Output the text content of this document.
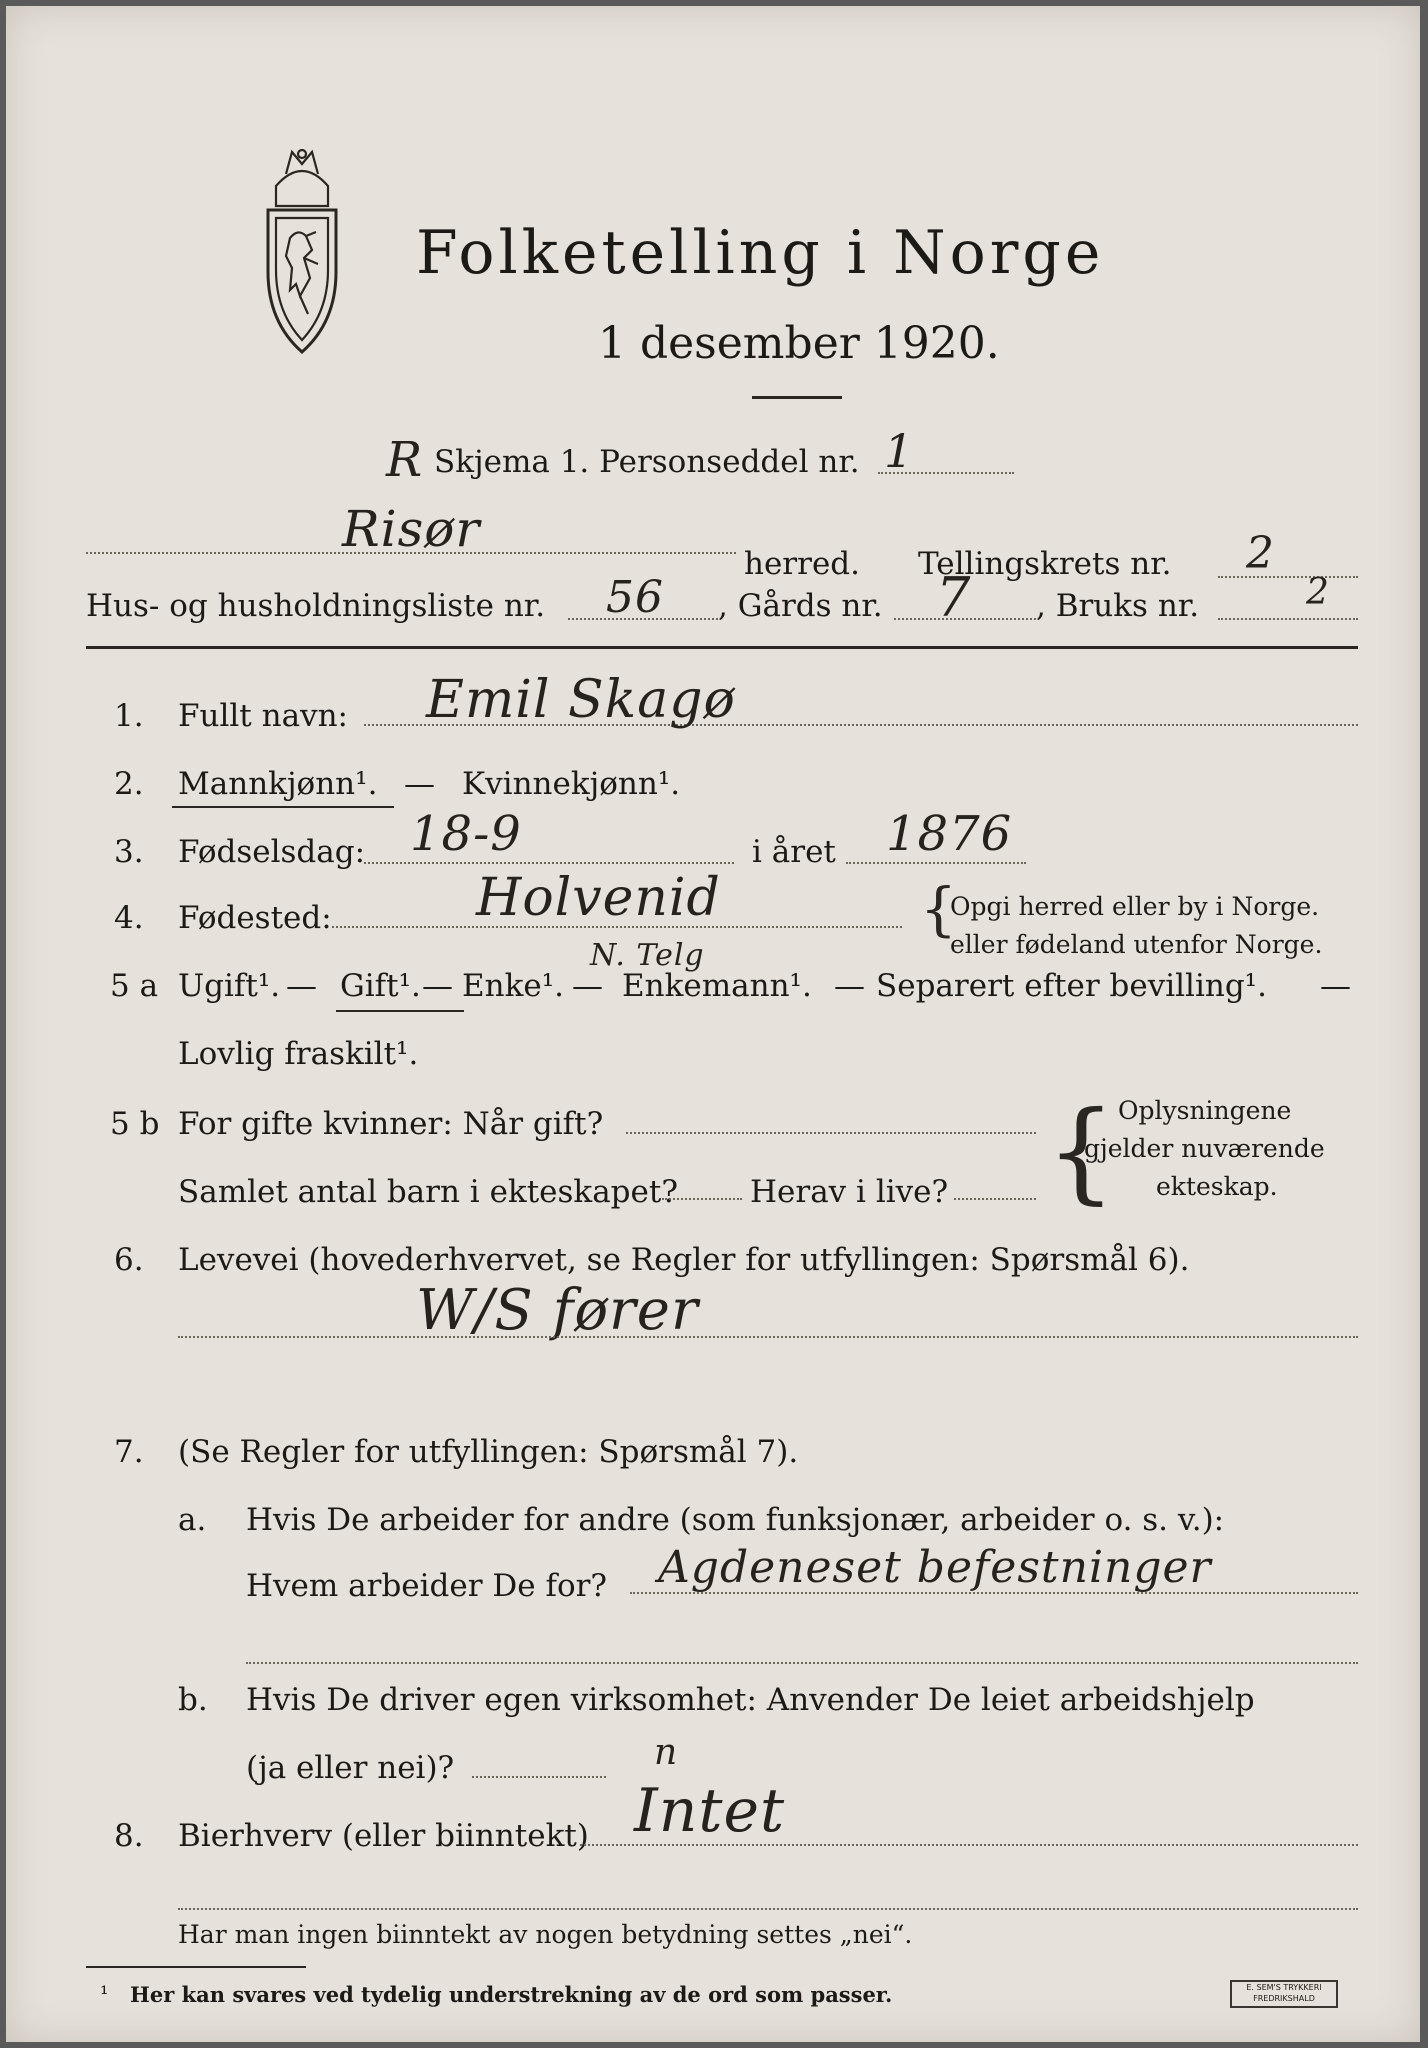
Folketelling i Norge
1 desember 1920.
Skjema 1. Personseddel nr.
R	1
Risør
herred. Tellingskrets nr. 2
Hus- og husholdningsliste nr. 56 , Gårds nr. 7 , Bruks nr.	2
1. Fullt navn: Emil Skagø
2. Mannkjønn¹. — Kvinnekjønn¹.
3. Fødselsdag: 18-9	i året 1876
4. Fødested:	Holvenid
N. Telg
{
Opgi herred eller by i Norge.
eller fødeland utenfor Norge.
5 a Ugift¹. — Gift¹. — Enke¹. — Enkemann¹. — Separert efter bevilling¹. —
Lovlig fraskilt¹.
5 b For gifte kvinner: Når gift?
Samlet antal barn i ekteskapet? Herav i live? { Oplysningene
gjelder nuværende
ekteskap.
6. Levevei (hovederhvervet, se Regler for utfyllingen: Spørsmål 6).
W/S fører
7. (Se Regler for utfyllingen: Spørsmål 7).
a. Hvis De arbeider for andre (som funksjonær, arbeider o. s. v.):
Hvem arbeider De for? Agdeneset befestninger
b. Hvis De driver egen virksomhet: Anvender De leiet arbeidshjelp
(ja eller nei)?	n
8. Bierhverv (eller biinntekt) Intet
Har man ingen biinntekt av nogen betydning settes „nei“.
¹ Her kan svares ved tydelig understrekning av de ord som passer.	E. SEM'S TRYKKERI FREDRIKSHALD
